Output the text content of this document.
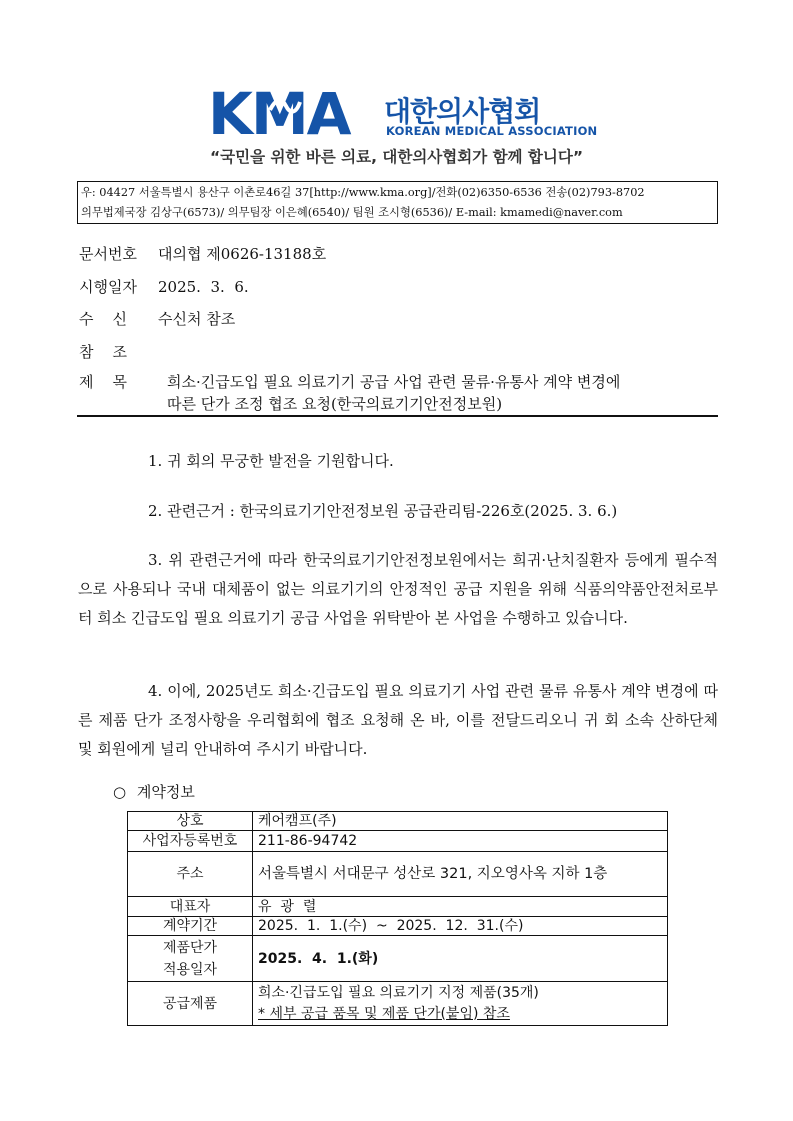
KMA 대한의사협회
KOREAN MEDICAL ASSOCIATION
“국민을 위한 바른 의료, 대한의사협회가 함께 합니다”
우: 04427 서울특별시 용산구 이촌로46길 37[http://www.kma.org]/전화(02)6350-6536 전송(02)793-8702
의무법제국장 김상구(6573)/ 의무팀장 이은혜(6540)/ 팀원 조시형(6536)/ E-mail: kmamedi@naver.com
문서번호 대의협 제0626-13188호
시행일자 2025.  3.  6.
수    신 수신처 참조
참    조
제    목	희소·긴급도입 필요 의료기기 공급 사업 관련 물류·유통사 계약 변경에
따른 단가 조정 협조 요청(한국의료기기안전정보원)

1. 귀 회의 무궁한 발전을 기원합니다.

2. 관련근거 : 한국의료기기안전정보원 공급관리팀-226호(2025. 3. 6.)

3. 위 관련근거에 따라 한국의료기기안전정보원에서는 희귀·난치질환자 등에게 필수적으로 사용되나 국내 대체품이 없는 의료기기의 안정적인 공급 지원을 위해 식품의약품안전처로부터 희소 긴급도입 필요 의료기기 공급 사업을 위탁받아 본 사업을 수행하고 있습니다.

4. 이에, 2025년도 희소·긴급도입 필요 의료기기 사업 관련 물류 유통사 계약 변경에 따른 제품 단가 조정사항을 우리협회에 협조 요청해 온 바, 이를 전달드리오니 귀 회 소속 산하단체 및 회원에게 널리 안내하여 주시기 바랍니다.

○ 계약정보
상호	케어캠프(주)
사업자등록번호	211-86-94742
주소	서울특별시 서대문구 성산로 321, 지오영사옥 지하 1층
대표자	유  광  렬
계약기간	2025.  1.  1.(수)  ~  2025.  12.  31.(수)

제품단가
적용일자	2025.  4.  1.(화)
공급제품	희소·긴급도입 필요 의료기기 지정 제품(35개)
* 세부 공급 품목 및 제품 단가(붙임) 참조
